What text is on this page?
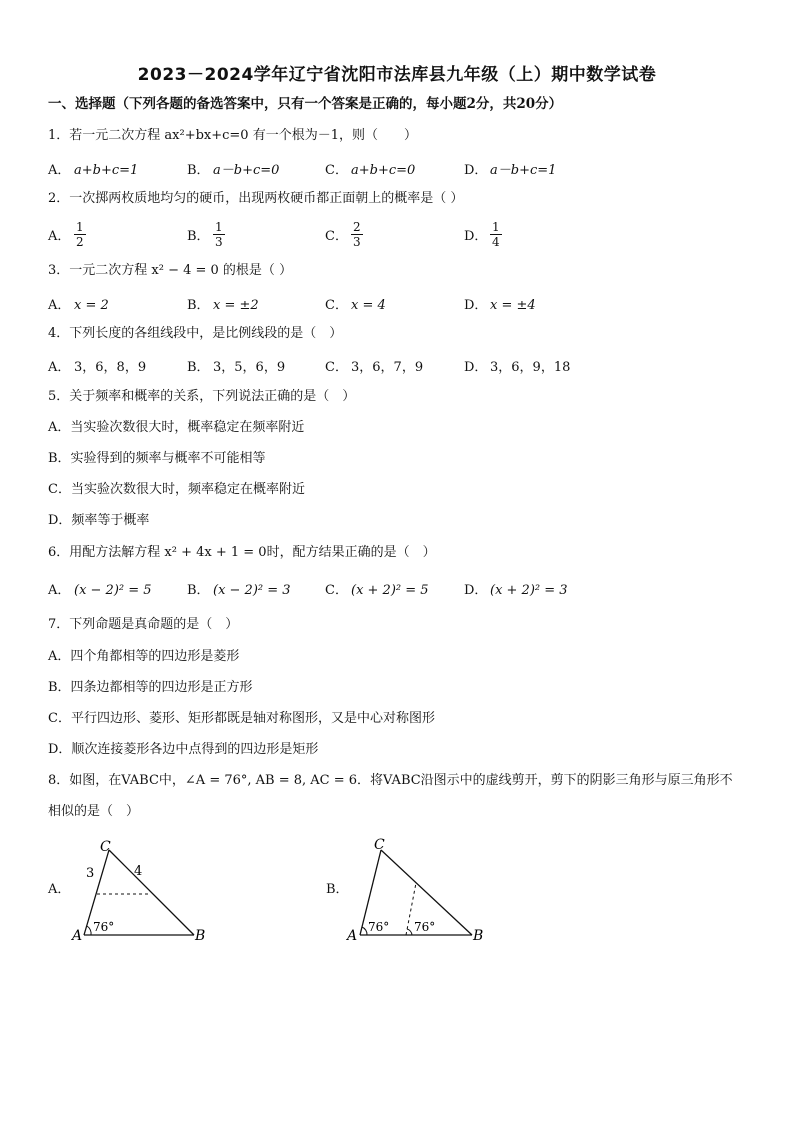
2023－2024学年辽宁省沈阳市法库县九年级（上）期中数学试卷
一、选择题（下列各题的备选答案中，只有一个答案是正确的，每小题2分，共20分）
1．若一元二次方程 ax²+bx+c=0 有一个根为－1，则（　　）
A． a+b+c=1	B． a－b+c=0	C． a+b+c=0	D． a－b+c=1
2．一次掷两枚质地均匀的硬币，出现两枚硬币都正面朝上的概率是（ ）
A． $\frac{1}{2}$	B． $\frac{1}{3}$	C． $\frac{2}{3}$	D． $\frac{1}{4}$
3．一元二次方程 x² − 4 = 0 的根是（ ）
A． x = 2	B． x = ±2	C． x = 4	D． x = ±4
4．下列长度的各组线段中，是比例线段的是（　）
A． 3，6，8，9	B． 3，5，6，9	C． 3，6，7，9	D． 3，6，9，18
5．关于频率和概率的关系，下列说法正确的是（　）
A．当实验次数很大时，概率稳定在频率附近
B．实验得到的频率与概率不可能相等
C．当实验次数很大时，频率稳定在概率附近
D．频率等于概率
6．用配方法解方程 x² + 4x + 1 = 0时，配方结果正确的是（　）
A． (x − 2)² = 5	B． (x − 2)² = 3	C． (x + 2)² = 5	D． (x + 2)² = 3
7．下列命题是真命题的是（　）
A．四个角都相等的四边形是菱形
B．四条边都相等的四边形是正方形
C．平行四边形、菱形、矩形都既是轴对称图形，又是中心对称图形
D．顺次连接菱形各边中点得到的四边形是矩形
8．如图，在VABC中，∠A = 76°, AB = 8, AC = 6．将VABC沿图示中的虚线剪开，剪下的阴影三角形与原三角形不
相似的是（　）
A．
C
A	B
3	4
76°
B．
C
A	B
76° 76°
